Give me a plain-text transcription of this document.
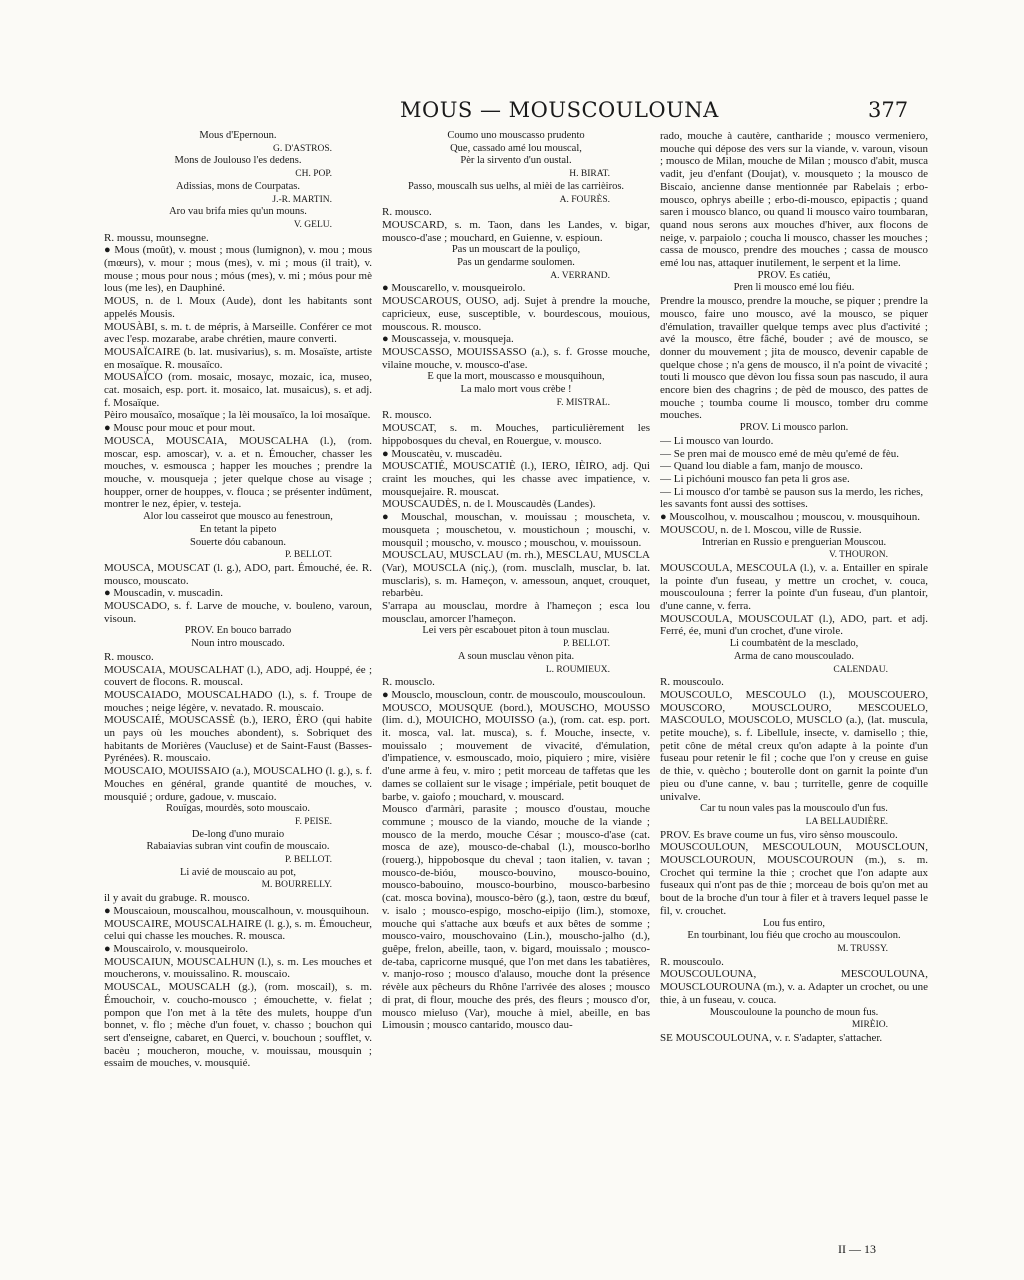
MOUS — MOUSCOULOUNA	377

Mous d'Epernoun.

G. D'ASTROS.

Mons de Joulouso l'es dedens.

CH. POP.

Adissias, mons de Courpatas.

J.-R. MARTIN.

Aro vau brifa mies qu'un mouns.

V. GELU.

R. moussu, mounsegne.

● Mous (moût), v. moust ; mous (lumignon), v. mou ; mous (mœurs), v. mour ; mous (mes), v. mi ; mous (il trait), v. mouse ; mous pour nous ; móus (mes), v. mi ; móus pour mè lous (me les), en Dauphiné.

MOUS, n. de l. Moux (Aude), dont les habitants sont appelés Mousis.

MOUSÀBI, s. m. t. de mépris, à Marseille. Conférer ce mot avec l'esp. mozarabe, arabe chrétien, maure converti.

MOUSAÏCAIRE (b. lat. musivarius), s. m. Mosaïste, artiste en mosaïque. R. mousaïco.

MOUSAÏCO (rom. mosaic, mosayc, mozaic, ica, museo, cat. mosaich, esp. port. it. mosaico, lat. musaicus), s. et adj. f. Mosaïque.

Pèiro mousaïco, mosaïque ; la lèi mousaïco, la loi mosaïque.

● Mousc pour mouc et pour mout.

MOUSCA, MOUSCAIA, MOUSCALHA (l.), (rom. moscar, esp. amoscar), v. a. et n. Émoucher, chasser les mouches, v. esmousca ; happer les mouches ; prendre la mouche, v. mousqueja ; jeter quelque chose au visage ; houpper, orner de houppes, v. flouca ; se présenter indûment, montrer le nez, épier, v. testeja.

Alor lou casseirot que mousco au fenestroun,

En tetant la pipeto

Souerte dóu cabanoun.

P. BELLOT.

MOUSCA, MOUSCAT (l. g.), ADO, part. Émouché, ée. R. mousco, mouscato.

● Mouscadin, v. muscadin.

MOUSCADO, s. f. Larve de mouche, v. bouleno, varoun, visoun.

PROV. En bouco barrado

Noun intro mouscado.

R. mousco.

MOUSCAIA, MOUSCALHAT (l.), ADO, adj. Houppé, ée ; couvert de flocons. R. mouscal.

MOUSCAIADO, MOUSCALHADO (l.), s. f. Troupe de mouches ; neige légère, v. nevatado. R. mouscaio.

MOUSCAIÉ, MOUSCASSÈ (b.), IERO, ÈRO (qui habite un pays où les mouches abondent), s. Sobriquet des habitants de Morières (Vaucluse) et de Saint-Faust (Basses-Pyrénées). R. mouscaio.

MOUSCAIO, MOUISSAIO (a.), MOUSCALHO (l. g.), s. f. Mouches en général, grande quantité de mouches, v. mousquié ; ordure, gadoue, v. muscaio.

Rouïgas, mourdès, soto mouscaio.

F. PEISE.

De-long d'uno muraio

Rabaiavias subran vint coufin de mouscaio.

P. BELLOT.

Li avié de mouscaio au pot,

M. BOURRELLY.

il y avait du grabuge. R. mousco.

● Mouscaioun, mouscalhou, mouscalhoun, v. mousquihoun.

MOUSCAIRE, MOUSCALHAIRE (l. g.), s. m. Émoucheur, celui qui chasse les mouches. R. mousca.

● Mouscairolo, v. mousqueirolo.

MOUSCAIUN, MOUSCALHUN (l.), s. m. Les mouches et moucherons, v. mouissalino. R. mouscaio.

MOUSCAL, MOUSCALH (g.), (rom. moscail), s. m. Émouchoir, v. coucho-mousco ; émouchette, v. fielat ; pompon que l'on met à la tête des mulets, houppe d'un bonnet, v. flo ; mèche d'un fouet, v. chasso ; bouchon qui sert d'enseigne, cabaret, en Querci, v. bouchoun ; soufflet, v. bacèu ; moucheron, mouche, v. mouissau, mousquin ; essaim de mouches, v. mousquié.

Coumo uno mouscasso prudento

Que, cassado amé lou mouscal,

Pèr la sirvento d'un oustal.

H. BIRAT.

Passo, mouscalh sus uelhs, al mièi de las carrièiros.

A. FOURÈS.

R. mousco.

MOUSCARD, s. m. Taon, dans les Landes, v. bigar, mousco-d'ase ; mouchard, en Guienne, v. espioun.

Pas un mouscart de la pouliço,

Pas un gendarme soulomen.

A. VERRAND.

● Mouscarello, v. mousqueirolo.

MOUSCAROUS, OUSO, adj. Sujet à prendre la mouche, capricieux, euse, susceptible, v. bourdescous, mouious, mouscous. R. mousco.

● Mouscasseja, v. mousqueja.

MOUSCASSO, MOUISSASSO (a.), s. f. Grosse mouche, vilaine mouche, v. mousco-d'ase.

E que la mort, mouscasso e mousquihoun,

La malo mort vous crèbe !

F. MISTRAL.

R. mousco.

MOUSCAT, s. m. Mouches, particulièrement les hippobosques du cheval, en Rouergue, v. mousco.

● Mouscatèu, v. muscadèu.

MOUSCATIÉ, MOUSCATIÈ (l.), IERO, IÈIRO, adj. Qui craint les mouches, qui les chasse avec impatience, v. mousquejaire. R. mouscat.

MOUSCAUDÈS, n. de l. Mouscaudès (Landes).

● Mouschal, mouschan, v. mouissau ; mouscheta, v. mousqueta ; mouschetou, v. moustichoun ; mouschi, v. mousquil ; mouscho, v. mousco ; mouschou, v. mouissoun.

MOUSCLAU, MUSCLAU (m. rh.), MESCLAU, MUSCLA (Var), MOUSCLA (niç.), (rom. musclalh, musclar, b. lat. musclaris), s. m. Hameçon, v. amessoun, anquet, crouquet, rebarbèu.

S'arrapa au mousclau, mordre à l'hameçon ; esca lou mousclau, amorcer l'hameçon.

Lei vers pèr escabouet piton à toun musclau.

P. BELLOT.

A soun musclau vènon pita.

L. ROUMIEUX.

R. mousclo.

● Mousclo, mouscloun, contr. de mouscoulo, mouscouloun.

MOUSCO, MOUSQUE (bord.), MOUSCHO, MOUSSO (lim. d.), MOUICHO, MOUISSO (a.), (rom. cat. esp. port. it. mosca, val. lat. musca), s. f. Mouche, insecte, v. mouissalo ; mouvement de vivacité, d'émulation, d'impatience, v. esmouscado, moio, piquiero ; mire, visière d'une arme à feu, v. miro ; petit morceau de taffetas que les dames se collaient sur le visage ; impériale, petit bouquet de barbe, v. gaiofo ; mouchard, v. mouscard.

Mousco d'armàri, parasite ; mousco d'oustau, mouche commune ; mousco de la viando, mouche de la viande ; mousco de la merdo, mouche César ; mousco-d'ase (cat. mosca de aze), mousco-de-chabal (l.), mousco-borlho (rouerg.), hippobosque du cheval ; taon italien, v. tavan ; mousco-de-bióu, mousco-bouvino, mousco-bouino, mousco-babouino, mousco-bourbino, mousco-barbesino (cat. mosca bovina), mousco-bèro (g.), taon, œstre du bœuf, v. isalo ; mousco-espigo, moscho-eipijo (lim.), stomoxe, mouche qui s'attache aux bœufs et aux bêtes de somme ; mousco-vairo, mouschovaino (Lin.), mouscho-jalho (d.), guêpe, frelon, abeille, taon, v. bigard, mouissalo ; mousco-de-taba, capricorne musqué, que l'on met dans les tabatières, v. manjo-roso ; mousco d'alauso, mouche dont la présence révèle aux pêcheurs du Rhône l'arrivée des aloses ; mousco di prat, di flour, mouche des prés, des fleurs ; mousco d'or, mousco mieluso (Var), mouche à miel, abeille, en bas Limousin ; mousco cantarido, mousco dau-

rado, mouche à cautère, cantharide ; mousco vermeniero, mouche qui dépose des vers sur la viande, v. varoun, visoun ; mousco de Milan, mouche de Milan ; mousco d'abit, musca vadit, jeu d'enfant (Doujat), v. mousqueto ; la mousco de Biscaio, ancienne danse mentionnée par Rabelais ; erbo-mousco, ophrys abeille ; erbo-di-mousco, epipactis ; quand saren i mousco blanco, ou quand li mousco vairo toumbaran, quand nous serons aux mouches d'hiver, aux flocons de neige, v. parpaiolo ; coucha li mousco, chasser les mouches ; cassa de mousco, prendre des mouches ; cassa de mousco emé lou nas, attaquer inutilement, le serpent et la lime.

PROV. Es catiéu,

Pren li mousco emé lou fiéu.

Prendre la mousco, prendre la mouche, se piquer ; prendre la mousco, faire uno mousco, avé la mousco, se piquer d'émulation, travailler quelque temps avec plus d'activité ; avé la mousco, être fâché, bouder ; avé de mousco, se donner du mouvement ; jita de mousco, devenir capable de quelque chose ; n'a gens de mousco, il n'a point de vivacité ; touti li mousco que dèvon lou fissa soun pas nascudo, il aura encore bien des chagrins ; de pèd de mousco, des pattes de mouche ; toumba coume li mousco, tomber dru comme mouches.

PROV. Li mousco parlon.

— Li mousco van lourdo.

— Se pren mai de mousco emé de mèu qu'emé de fèu.

— Quand lou diable a fam, manjo de mousco.

— Li pichóuni mousco fan peta li gros ase.

— Li mousco d'or tambè se pauson sus la merdo, les riches, les savants font aussi des sottises.

● Mouscolhou, v. mouscalhou ; mouscou, v. mousquihoun.

MOUSCOU, n. de l. Moscou, ville de Russie.

Intrerian en Russio e prenguerian Mouscou.

V. THOURON.

MOUSCOULA, MESCOULA (l.), v. a. Entailler en spirale la pointe d'un fuseau, y mettre un crochet, v. couca, mouscoulouna ; ferrer la pointe d'un fuseau, d'un plantoir, d'une canne, v. ferra.

MOUSCOULA, MOUSCOULAT (l.), ADO, part. et adj. Ferré, ée, muni d'un crochet, d'une virole.

Li coumbatènt de la mesclado,

Arma de cano mouscoulado.

CALENDAU.

R. mouscoulo.

MOUSCOULO, MESCOULO (l.), MOUSCOUERO, MOUSCORO, MOUSCLOURO, MESCOUELO, MASCOULO, MOUSCOLO, MUSCLO (a.), (lat. muscula, petite mouche), s. f. Libellule, insecte, v. damisello ; thie, petit cône de métal creux qu'on adapte à la pointe d'un fuseau pour retenir le fil ; coche que l'on y creuse en guise de thie, v. quècho ; bouterolle dont on garnit la pointe d'un pieu ou d'une canne, v. bau ; turritelle, genre de coquille univalve.

Car tu noun vales pas la mouscoulo d'un fus.

LA BELLAUDIÈRE.

PROV. Es brave coume un fus, viro sènso mouscoulo.

MOUSCOULOUN, MESCOULOUN, MOUSCLOUN, MOUSCLOUROUN, MOUSCOUROUN (m.), s. m. Crochet qui termine la thie ; crochet que l'on adapte aux fuseaux qui n'ont pas de thie ; morceau de bois qu'on met au bout de la broche d'un tour à filer et à travers lequel passe le fil, v. crouchet.

Lou fus entiro,

En tourbinant, lou fiéu que crocho au mouscoulon.

M. TRUSSY.

R. mouscoulo.

MOUSCOULOUNA, MESCOULOUNA, MOUSCLOUROUNA (m.), v. a. Adapter un crochet, ou une thie, à un fuseau, v. couca.

Mouscouloune la pouncho de moun fus.

MIRÈIO.

SE MOUSCOULOUNA, v. r. S'adapter, s'attacher.

II — 13
